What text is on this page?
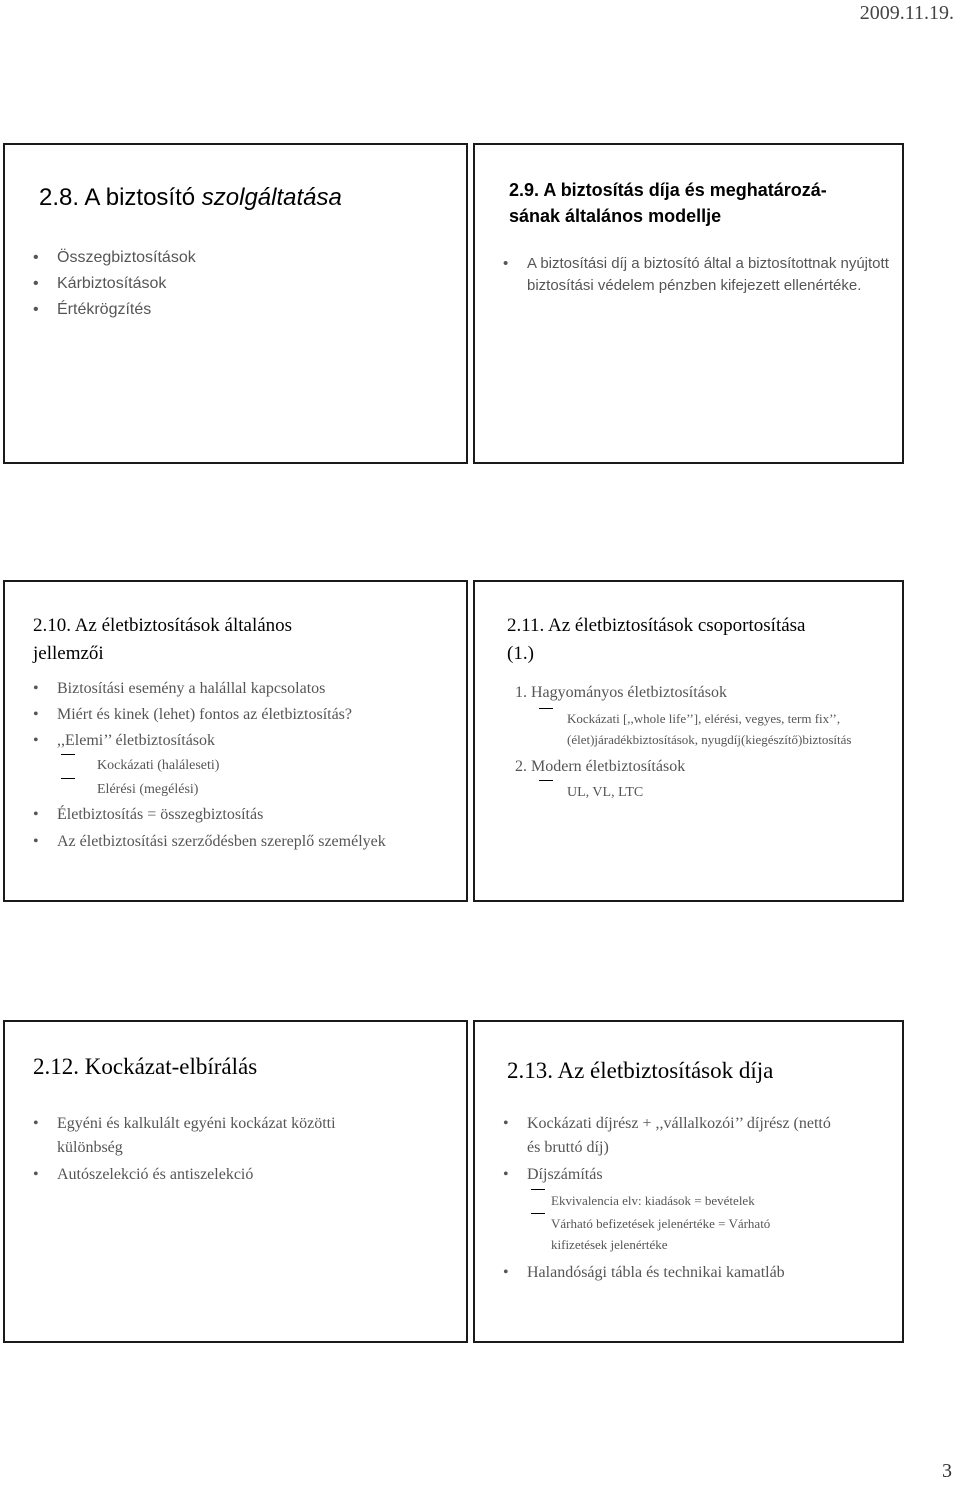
2009.11.19.
2.8. A biztosító szolgáltatása
• Összegbiztosítások
• Kárbiztosítások
• Értékrögzítés
2.9. A biztosítás díja és meghatározá-
sának általános modellje
• A biztosítási díj a biztosító által a biztosítottnak nyújtott biztosítási védelem pénzben kifejezett ellenértéke.
2.10. Az életbiztosítások általános
jellemzői
• Biztosítási esemény a halállal kapcsolatos
• Miért és kinek (lehet) fontos az életbiztosítás?
• ,,Elemi’’ életbiztosítások
Kockázati (haláleseti)
Elérési (megélési)
• Életbiztosítás = összegbiztosítás
• Az életbiztosítási szerződésben szereplő személyek
2.11. Az életbiztosítások csoportosítása
(1.)
1. Hagyományos életbiztosítások
Kockázati [,,whole life’’], elérési, vegyes, term fix’’, (élet)járadékbiztosítások, nyugdíj(kiegészítő)biztosítás
2. Modern életbiztosítások
UL, VL, LTC
2.12. Kockázat-elbírálás
• Egyéni és kalkulált egyéni kockázat közötti különbség
• Autószelekció és antiszelekció
2.13. Az életbiztosítások díja
• Kockázati díjrész + ,,vállalkozói’’ díjrész (nettó és bruttó díj)
• Díjszámítás
Ekvivalencia elv: kiadások = bevételek
Várható befizetések jelenértéke = Várható kifizetések jelenértéke
• Halandósági tábla és technikai kamatláb
3
